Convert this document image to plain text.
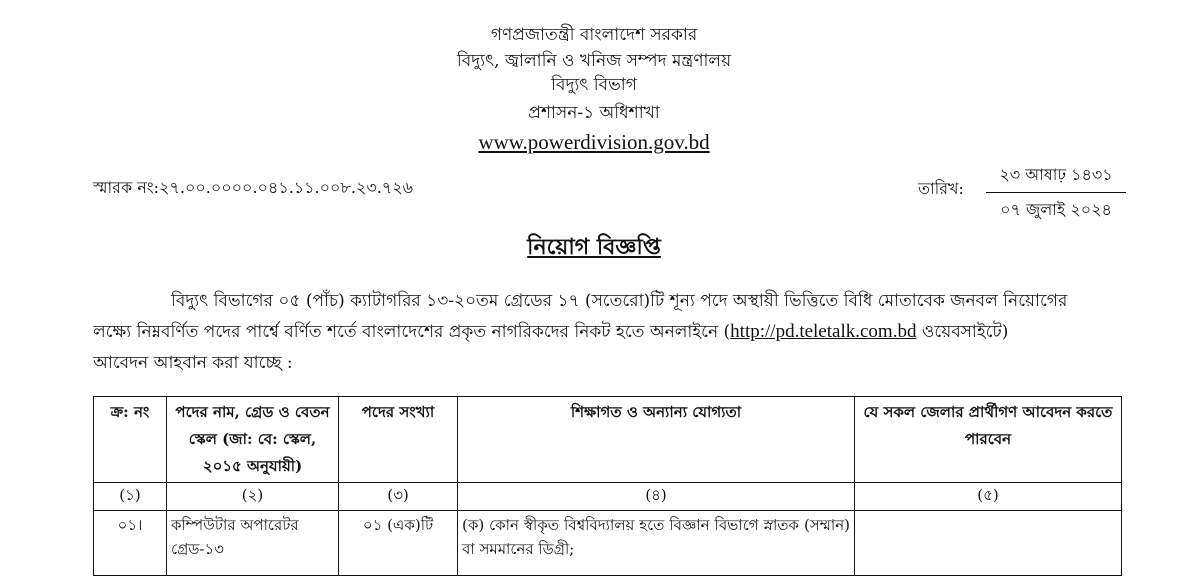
গণপ্রজাতন্ত্রী বাংলাদেশ সরকার
বিদ্যুৎ, জ্বালানি ও খনিজ সম্পদ মন্ত্রণালয়
বিদ্যুৎ বিভাগ
প্রশাসন-১ অধিশাখা
www.powerdivision.gov.bd
স্মারক নং:২৭.০০.০০০০.০৪১.১১.০০৮.২৩.৭২৬	তারিখ:
২৩ আষাঢ় ১৪৩১
০৭ জুলাই ২০২৪
নিয়োগ বিজ্ঞপ্তি
বিদ্যুৎ বিভাগের ০৫ (পাঁচ) ক্যাটাগরির ১৩-২০তম গ্রেডের ১৭ (সতেরো)টি শূন্য পদে অস্থায়ী ভিত্তিতে বিধি মোতাবেক জনবল নিয়োগের
লক্ষ্যে নিম্নবর্ণিত পদের পার্শ্বে বর্ণিত শর্তে বাংলাদেশের প্রকৃত নাগরিকদের নিকট হতে অনলাইনে (http://pd.teletalk.com.bd ওয়েবসাইটে)
আবেদন আহবান করা যাচ্ছে :
ক্র: নং	পদের নাম, গ্রেড ও বেতন স্কেল (জা: বে: স্কেল, ২০১৫ অনুযায়ী)	পদের সংখ্যা	শিক্ষাগত ও অন্যান্য যোগ্যতা	যে সকল জেলার প্রার্থীগণ আবেদন করতে পারবেন
(১)	(২)	(৩)	(৪)	(৫)
০১।	কম্পিউটার অপারেটর গ্রেড-১৩	০১ (এক)টি	(ক) কোন স্বীকৃত বিশ্ববিদ্যালয় হতে বিজ্ঞান বিভাগে স্নাতক (সম্মান) বা সমমানের ডিগ্রী;	
